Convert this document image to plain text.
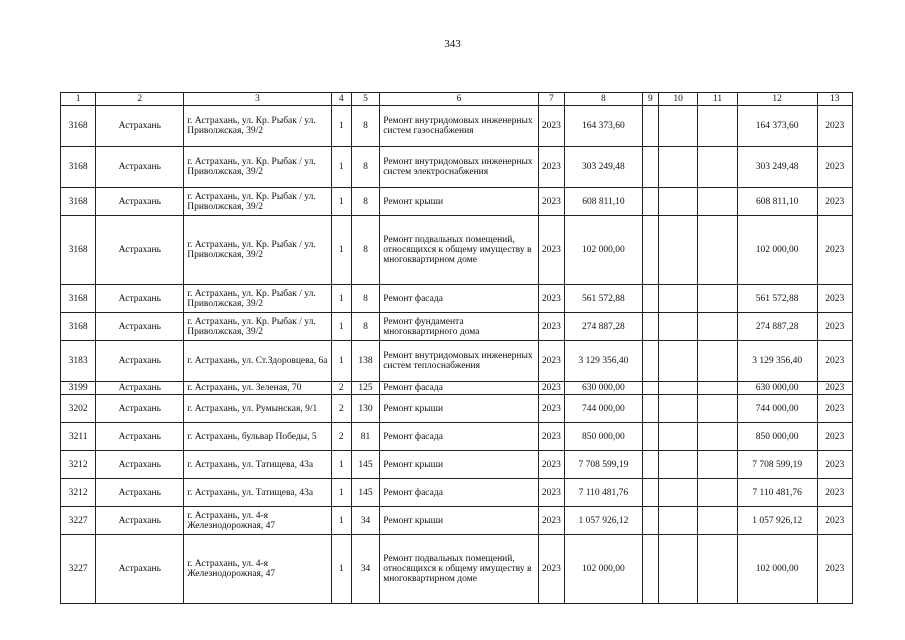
343
1	2	3	4	5	6	7	8	9	10	11	12	13
3168	Астрахань	г. Астрахань, ул. Кр. Рыбак / ул. Приволжская, 39/2	1	8	Ремонт внутридомовых инженерных систем газоснабжения	2023	164 373,60				164 373,60	2023
3168	Астрахань	г. Астрахань, ул. Кр. Рыбак / ул. Приволжская, 39/2	1	8	Ремонт внутридомовых инженерных систем электроснабжения	2023	303 249,48				303 249,48	2023
3168	Астрахань	г. Астрахань, ул. Кр. Рыбак / ул. Приволжская, 39/2	1	8	Ремонт крыши	2023	608 811,10				608 811,10	2023
3168	Астрахань	г. Астрахань, ул. Кр. Рыбак / ул. Приволжская, 39/2	1	8	Ремонт подвальных помещений, относящихся к общему имуществу в многоквартирном доме	2023	102 000,00				102 000,00	2023
3168	Астрахань	г. Астрахань, ул. Кр. Рыбак / ул. Приволжская, 39/2	1	8	Ремонт фасада	2023	561 572,88				561 572,88	2023
3168	Астрахань	г. Астрахань, ул. Кр. Рыбак / ул. Приволжская, 39/2	1	8	Ремонт фундамента многоквартирного дома	2023	274 887,28				274 887,28	2023
3183	Астрахань	г. Астрахань, ул. Ст.Здоровцева, 6а	1	138	Ремонт внутридомовых инженерных систем теплоснабжения	2023	3 129 356,40				3 129 356,40	2023
3199	Астрахань	г. Астрахань, ул. Зеленая, 70	2	125	Ремонт фасада	2023	630 000,00				630 000,00	2023
3202	Астрахань	г. Астрахань, ул. Румынская, 9/1	2	130	Ремонт крыши	2023	744 000,00				744 000,00	2023
3211	Астрахань	г. Астрахань, бульвар Победы, 5	2	81	Ремонт фасада	2023	850 000,00				850 000,00	2023
3212	Астрахань	г. Астрахань, ул. Татищева, 43а	1	145	Ремонт крыши	2023	7 708 599,19				7 708 599,19	2023
3212	Астрахань	г. Астрахань, ул. Татищева, 43а	1	145	Ремонт фасада	2023	7 110 481,76				7 110 481,76	2023
3227	Астрахань	г. Астрахань, ул. 4-я Железнодорожная, 47	1	34	Ремонт крыши	2023	1 057 926,12				1 057 926,12	2023
3227	Астрахань	г. Астрахань, ул. 4-я Железнодорожная, 47	1	34	Ремонт подвальных помещений, относящихся к общему имуществу в многоквартирном доме	2023	102 000,00				102 000,00	2023
